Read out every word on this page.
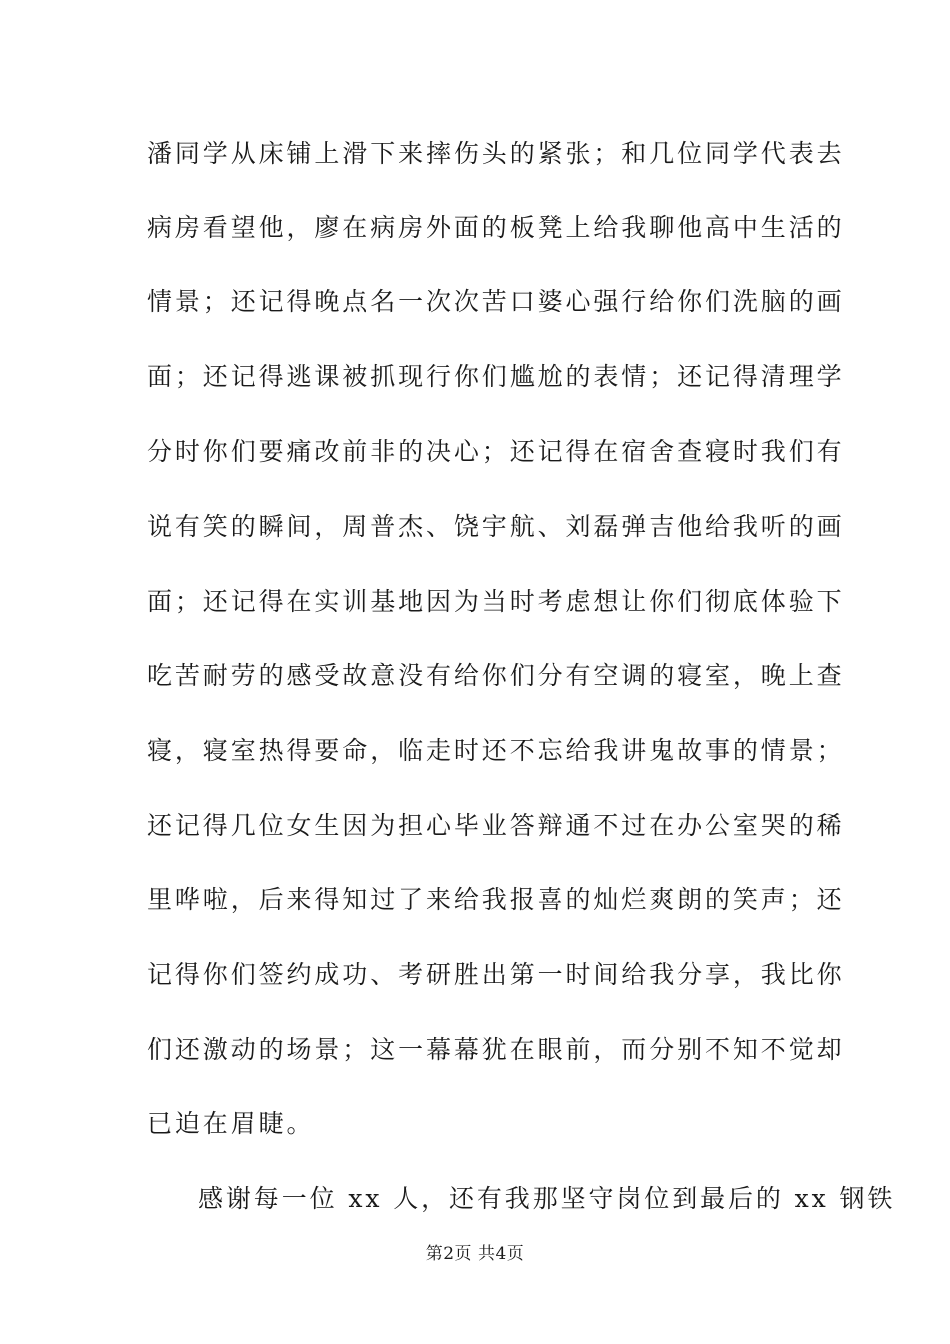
潘同学从床铺上滑下来摔伤头的紧张；和几位同学代表去
病房看望他，廖在病房外面的板凳上给我聊他高中生活的
情景；还记得晚点名一次次苦口婆心强行给你们洗脑的画
面；还记得逃课被抓现行你们尴尬的表情；还记得清理学
分时你们要痛改前非的决心；还记得在宿舍查寝时我们有
说有笑的瞬间，周普杰、饶宇航、刘磊弹吉他给我听的画
面；还记得在实训基地因为当时考虑想让你们彻底体验下
吃苦耐劳的感受故意没有给你们分有空调的寝室，晚上查
寝，寝室热得要命，临走时还不忘给我讲鬼故事的情景；
还记得几位女生因为担心毕业答辩通不过在办公室哭的稀
里哗啦，后来得知过了来给我报喜的灿烂爽朗的笑声；还
记得你们签约成功、考研胜出第一时间给我分享，我比你
们还激动的场景；这一幕幕犹在眼前，而分别不知不觉却
已迫在眉睫。
感谢每一位 xx 人，还有我那坚守岗位到最后的 xx 钢铁
第2页 共4页
